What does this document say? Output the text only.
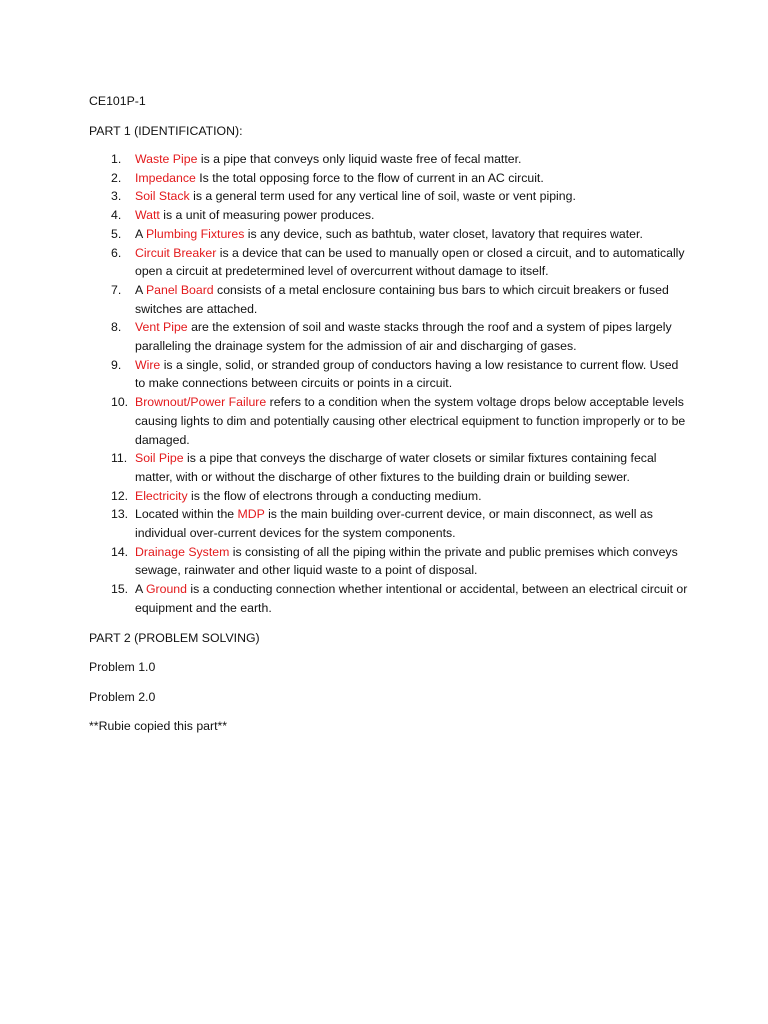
CE101P-1

PART 1 (IDENTIFICATION):

1. Waste Pipe is a pipe that conveys only liquid waste free of fecal matter.
2. Impedance Is the total opposing force to the flow of current in an AC circuit.
3. Soil Stack is a general term used for any vertical line of soil, waste or vent piping.
4. Watt is a unit of measuring power produces.
5. A Plumbing Fixtures is any device, such as bathtub, water closet, lavatory that requires water.
6. Circuit Breaker is a device that can be used to manually open or closed a circuit, and to automatically open a circuit at predetermined level of overcurrent without damage to itself.
7. A Panel Board consists of a metal enclosure containing bus bars to which circuit breakers or fused switches are attached.
8. Vent Pipe are the extension of soil and waste stacks through the roof and a system of pipes largely paralleling the drainage system for the admission of air and discharging of gases.
9. Wire is a single, solid, or stranded group of conductors having a low resistance to current flow. Used to make connections between circuits or points in a circuit.
10. Brownout/Power Failure refers to a condition when the system voltage drops below acceptable levels causing lights to dim and potentially causing other electrical equipment to function improperly or to be damaged.
11. Soil Pipe is a pipe that conveys the discharge of water closets or similar fixtures containing fecal matter, with or without the discharge of other fixtures to the building drain or building sewer.
12. Electricity is the flow of electrons through a conducting medium.
13. Located within the MDP is the main building over-current device, or main disconnect, as well as individual over-current devices for the system components.
14. Drainage System is consisting of all the piping within the private and public premises which conveys sewage, rainwater and other liquid waste to a point of disposal.
15. A Ground is a conducting connection whether intentional or accidental, between an electrical circuit or equipment and the earth.

PART 2 (PROBLEM SOLVING)

Problem 1.0

Problem 2.0

**Rubie copied this part**
